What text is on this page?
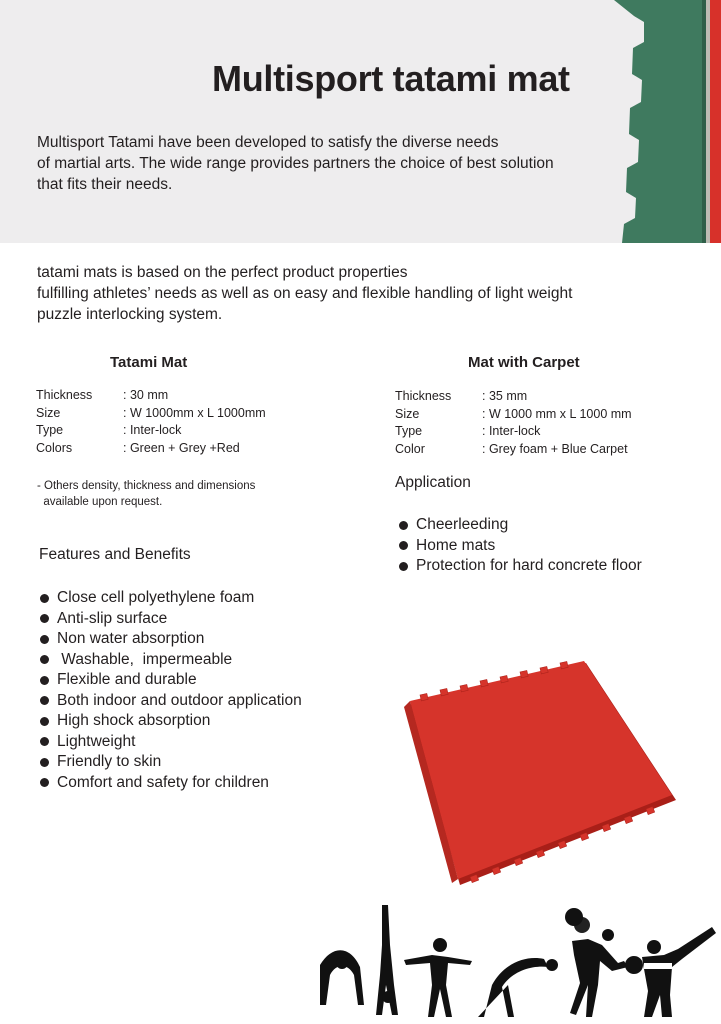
Multisport tatami mat

Multisport Tatami have been developed to satisfy the diverse needs
of martial arts. The wide range provides partners the choice of best solution
that fits their needs.

tatami mats is based on the perfect product properties
fulfilling athletes’ needs as well as on easy and flexible handling of light weight
puzzle interlocking system.

Tatami Mat
Thickness	: 30 mm
Size	: W 1000mm x L 1000mm
Type	: Inter-lock
Colors	: Green + Grey +Red
- Others density, thickness and dimensions
available upon request.
Mat with Carpet
Thickness	: 35 mm
Size	: W 1000 mm x L 1000 mm
Type	: Inter-lock
Color	: Grey foam + Blue Carpet
Application
Cheerleeding
Home mats
Protection for hard concrete floor
Features and Benefits
Close cell polyethylene foam
Anti-slip surface
Non water absorption
Washable,  impermeable
Flexible and durable
Both indoor and outdoor application
High shock absorption
Lightweight
Friendly to skin
Comfort and safety for children
